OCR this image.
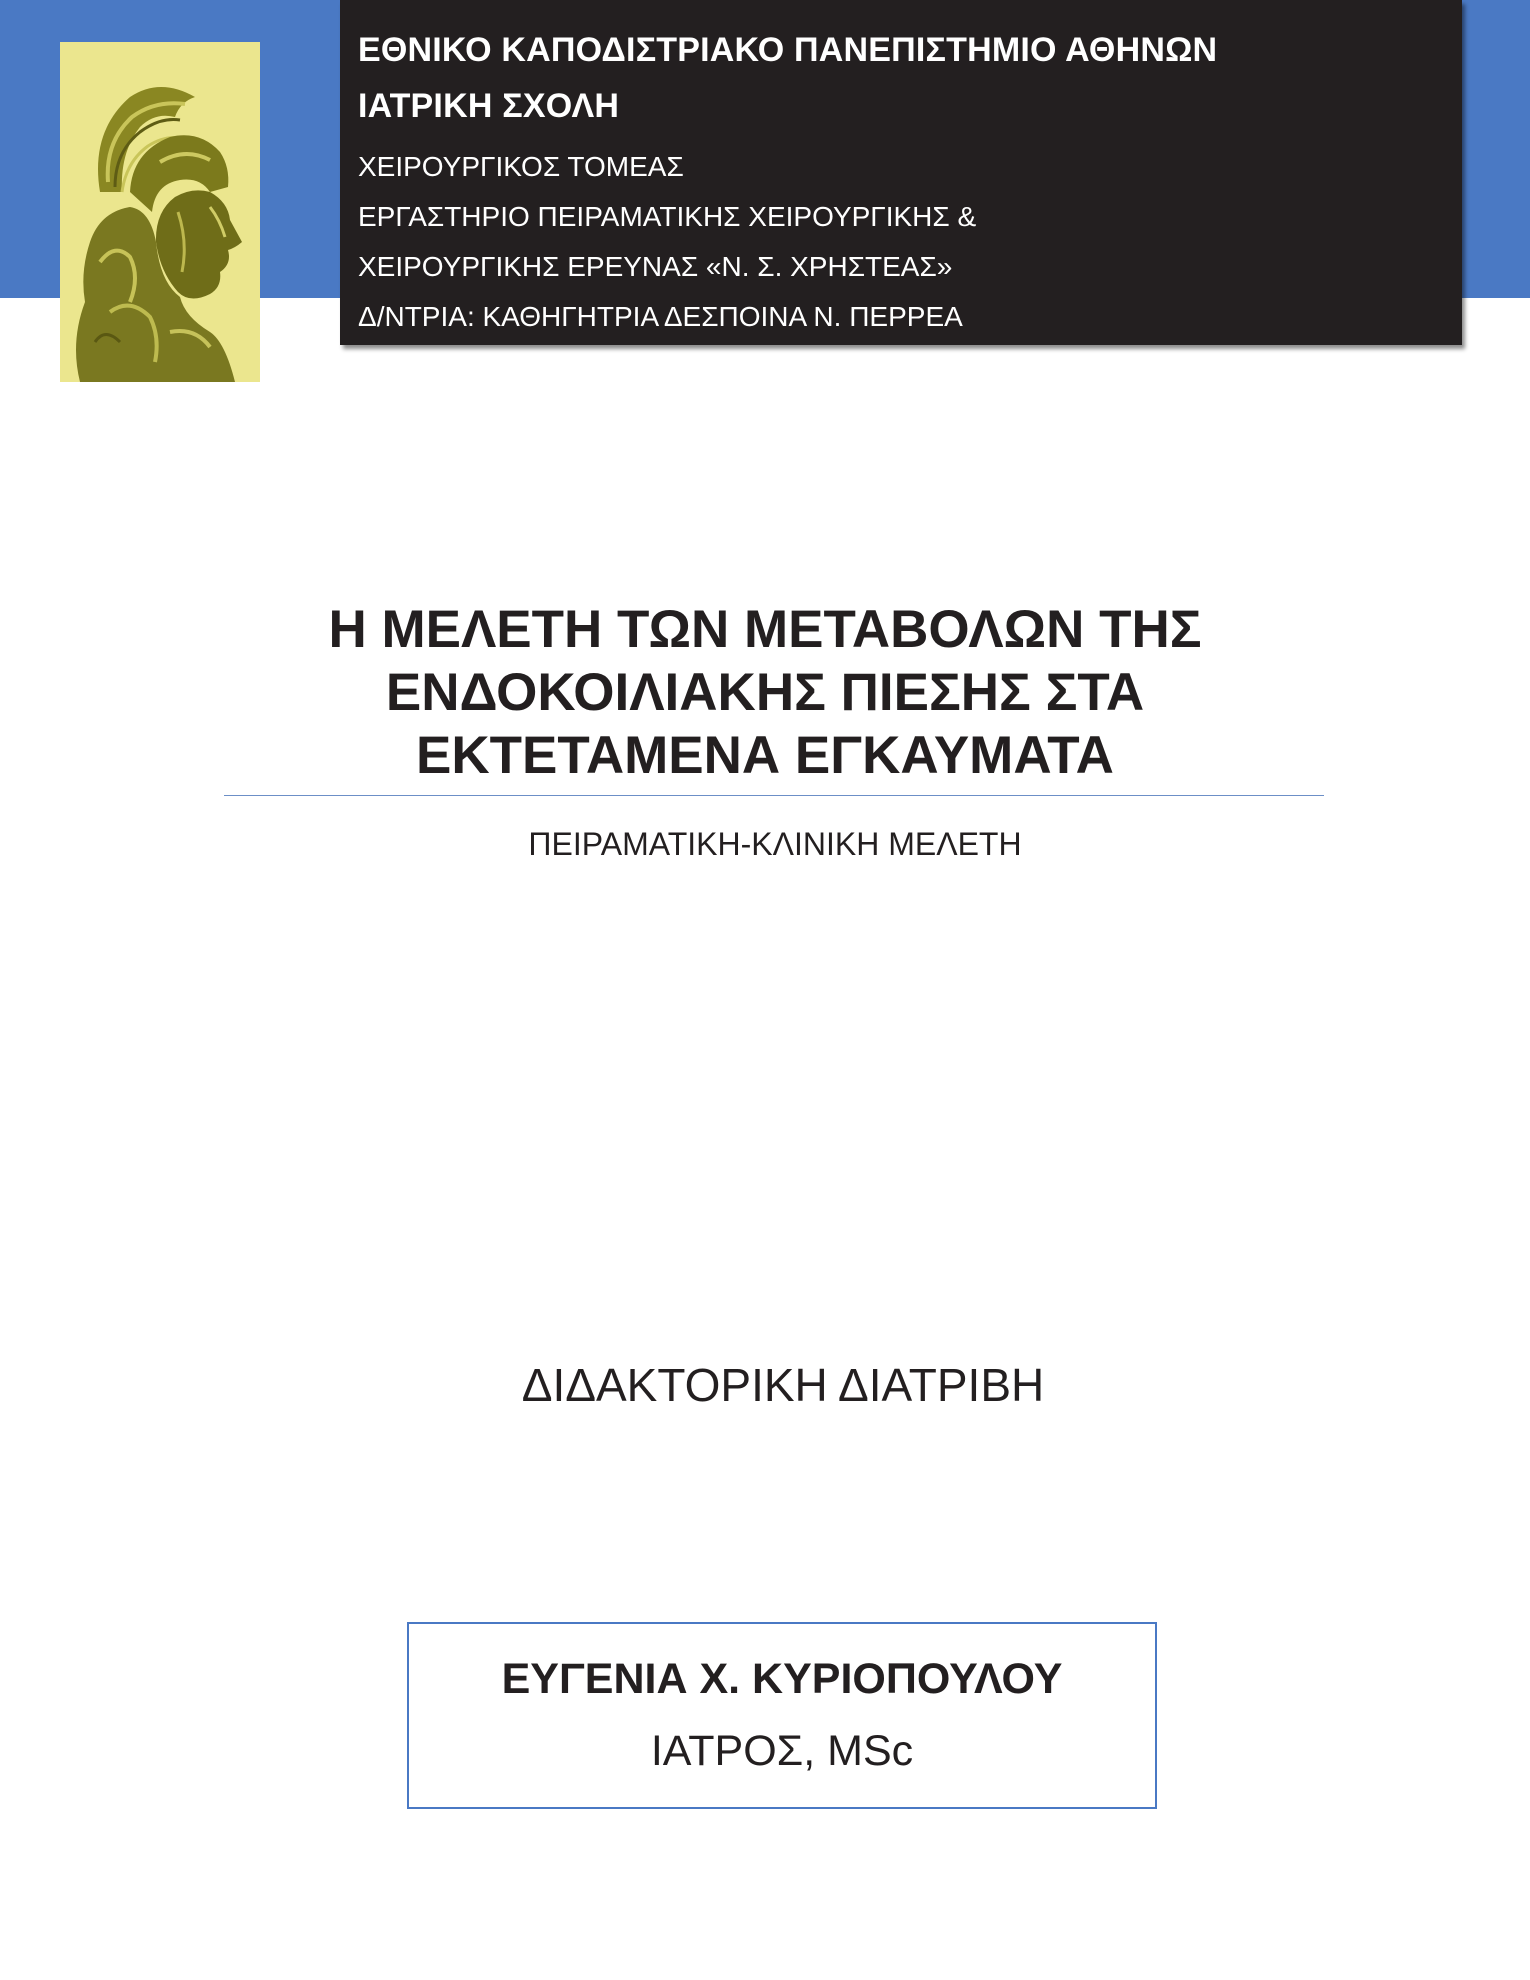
ΕΘΝΙΚΟ ΚΑΠΟΔΙΣΤΡΙΑΚΟ ΠΑΝΕΠΙΣΤΗΜΙΟ ΑΘΗΝΩΝ
ΙΑΤΡΙΚΗ ΣΧΟΛΗ
ΧΕΙΡΟΥΡΓΙΚΟΣ ΤΟΜΕΑΣ
ΕΡΓΑΣΤΗΡΙΟ ΠΕΙΡΑΜΑΤΙΚΗΣ ΧΕΙΡΟΥΡΓΙΚΗΣ &
ΧΕΙΡΟΥΡΓΙΚΗΣ ΕΡΕΥΝΑΣ «Ν. Σ. ΧΡΗΣΤΕΑΣ»
Δ/ΝΤΡΙΑ: ΚΑΘΗΓΗΤΡΙΑ ΔΕΣΠΟΙΝΑ Ν. ΠΕΡΡΕΑ
Η ΜΕΛΕΤΗ ΤΩΝ ΜΕΤΑΒΟΛΩΝ ΤΗΣ
ΕΝΔΟΚΟΙΛΙΑΚΗΣ ΠΙΕΣΗΣ ΣΤΑ
ΕΚΤΕΤΑΜΕΝΑ ΕΓΚΑΥΜΑΤΑ
ΠΕΙΡΑΜΑΤΙΚΗ-ΚΛΙΝΙΚΗ ΜΕΛΕΤΗ
ΔΙΔΑΚΤΟΡΙΚΗ ΔΙΑΤΡΙΒΗ
ΕΥΓΕΝΙΑ Χ. ΚΥΡΙΟΠΟΥΛΟΥ
ΙΑΤΡΟΣ, MSc
